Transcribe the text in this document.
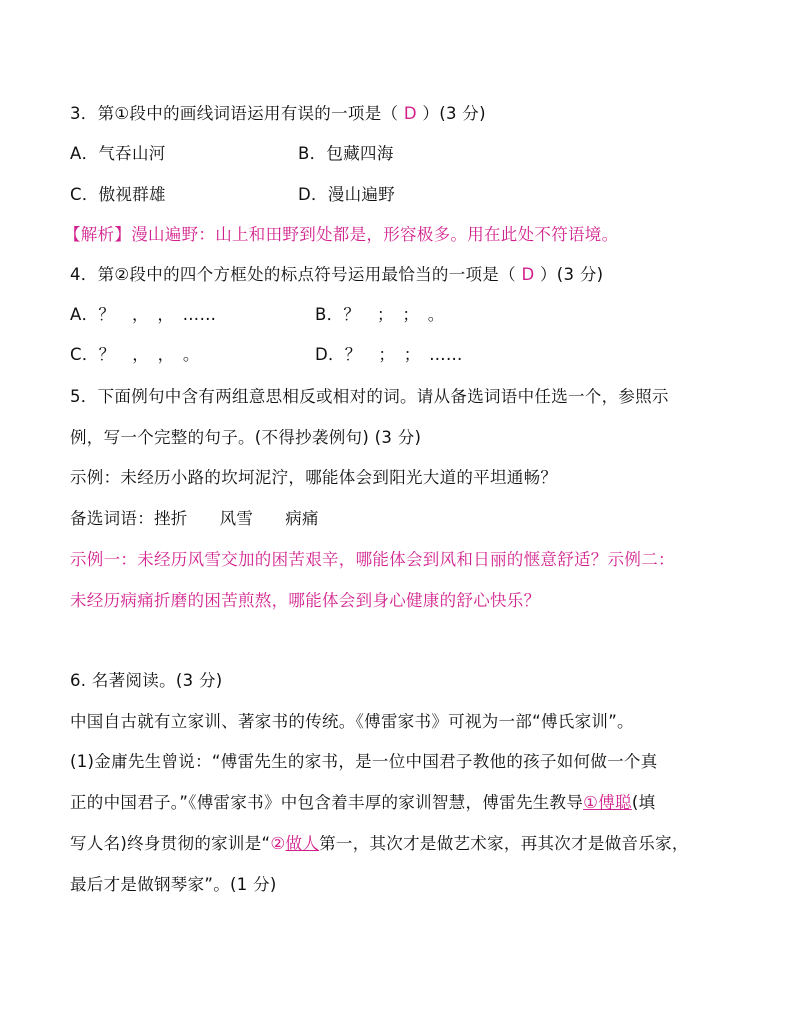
3．第①段中的画线词语运用有误的一项是（ D ）(3 分)
A．气吞山河	B．包藏四海
C．傲视群雄	D．漫山遍野
【解析】漫山遍野：山上和田野到处都是，形容极多。用在此处不符语境。
4．第②段中的四个方框处的标点符号运用最恰当的一项是（ D ）(3 分)
A．？　，　，　……	B．？　；　；　。
C．？　，　，　。	D．？　；　；　……
5．下面例句中含有两组意思相反或相对的词。请从备选词语中任选一个，参照示
例，写一个完整的句子。(不得抄袭例句) (3 分)
示例：未经历小路的坎坷泥泞，哪能体会到阳光大道的平坦通畅？
备选词语：挫折 风雪 病痛
示例一：未经历风雪交加的困苦艰辛，哪能体会到风和日丽的惬意舒适？示例二：
未经历病痛折磨的困苦煎熬，哪能体会到身心健康的舒心快乐？
6. 名著阅读。(3 分)
中国自古就有立家训、著家书的传统。《傅雷家书》可视为一部“傅氏家训”。
(1)金庸先生曾说：“傅雷先生的家书，是一位中国君子教他的孩子如何做一个真
正的中国君子。”《傅雷家书》中包含着丰厚的家训智慧，傅雷先生教导①傅聪(填
写人名)终身贯彻的家训是“②做人第一，其次才是做艺术家，再其次才是做音乐家，
最后才是做钢琴家”。(1 分)
